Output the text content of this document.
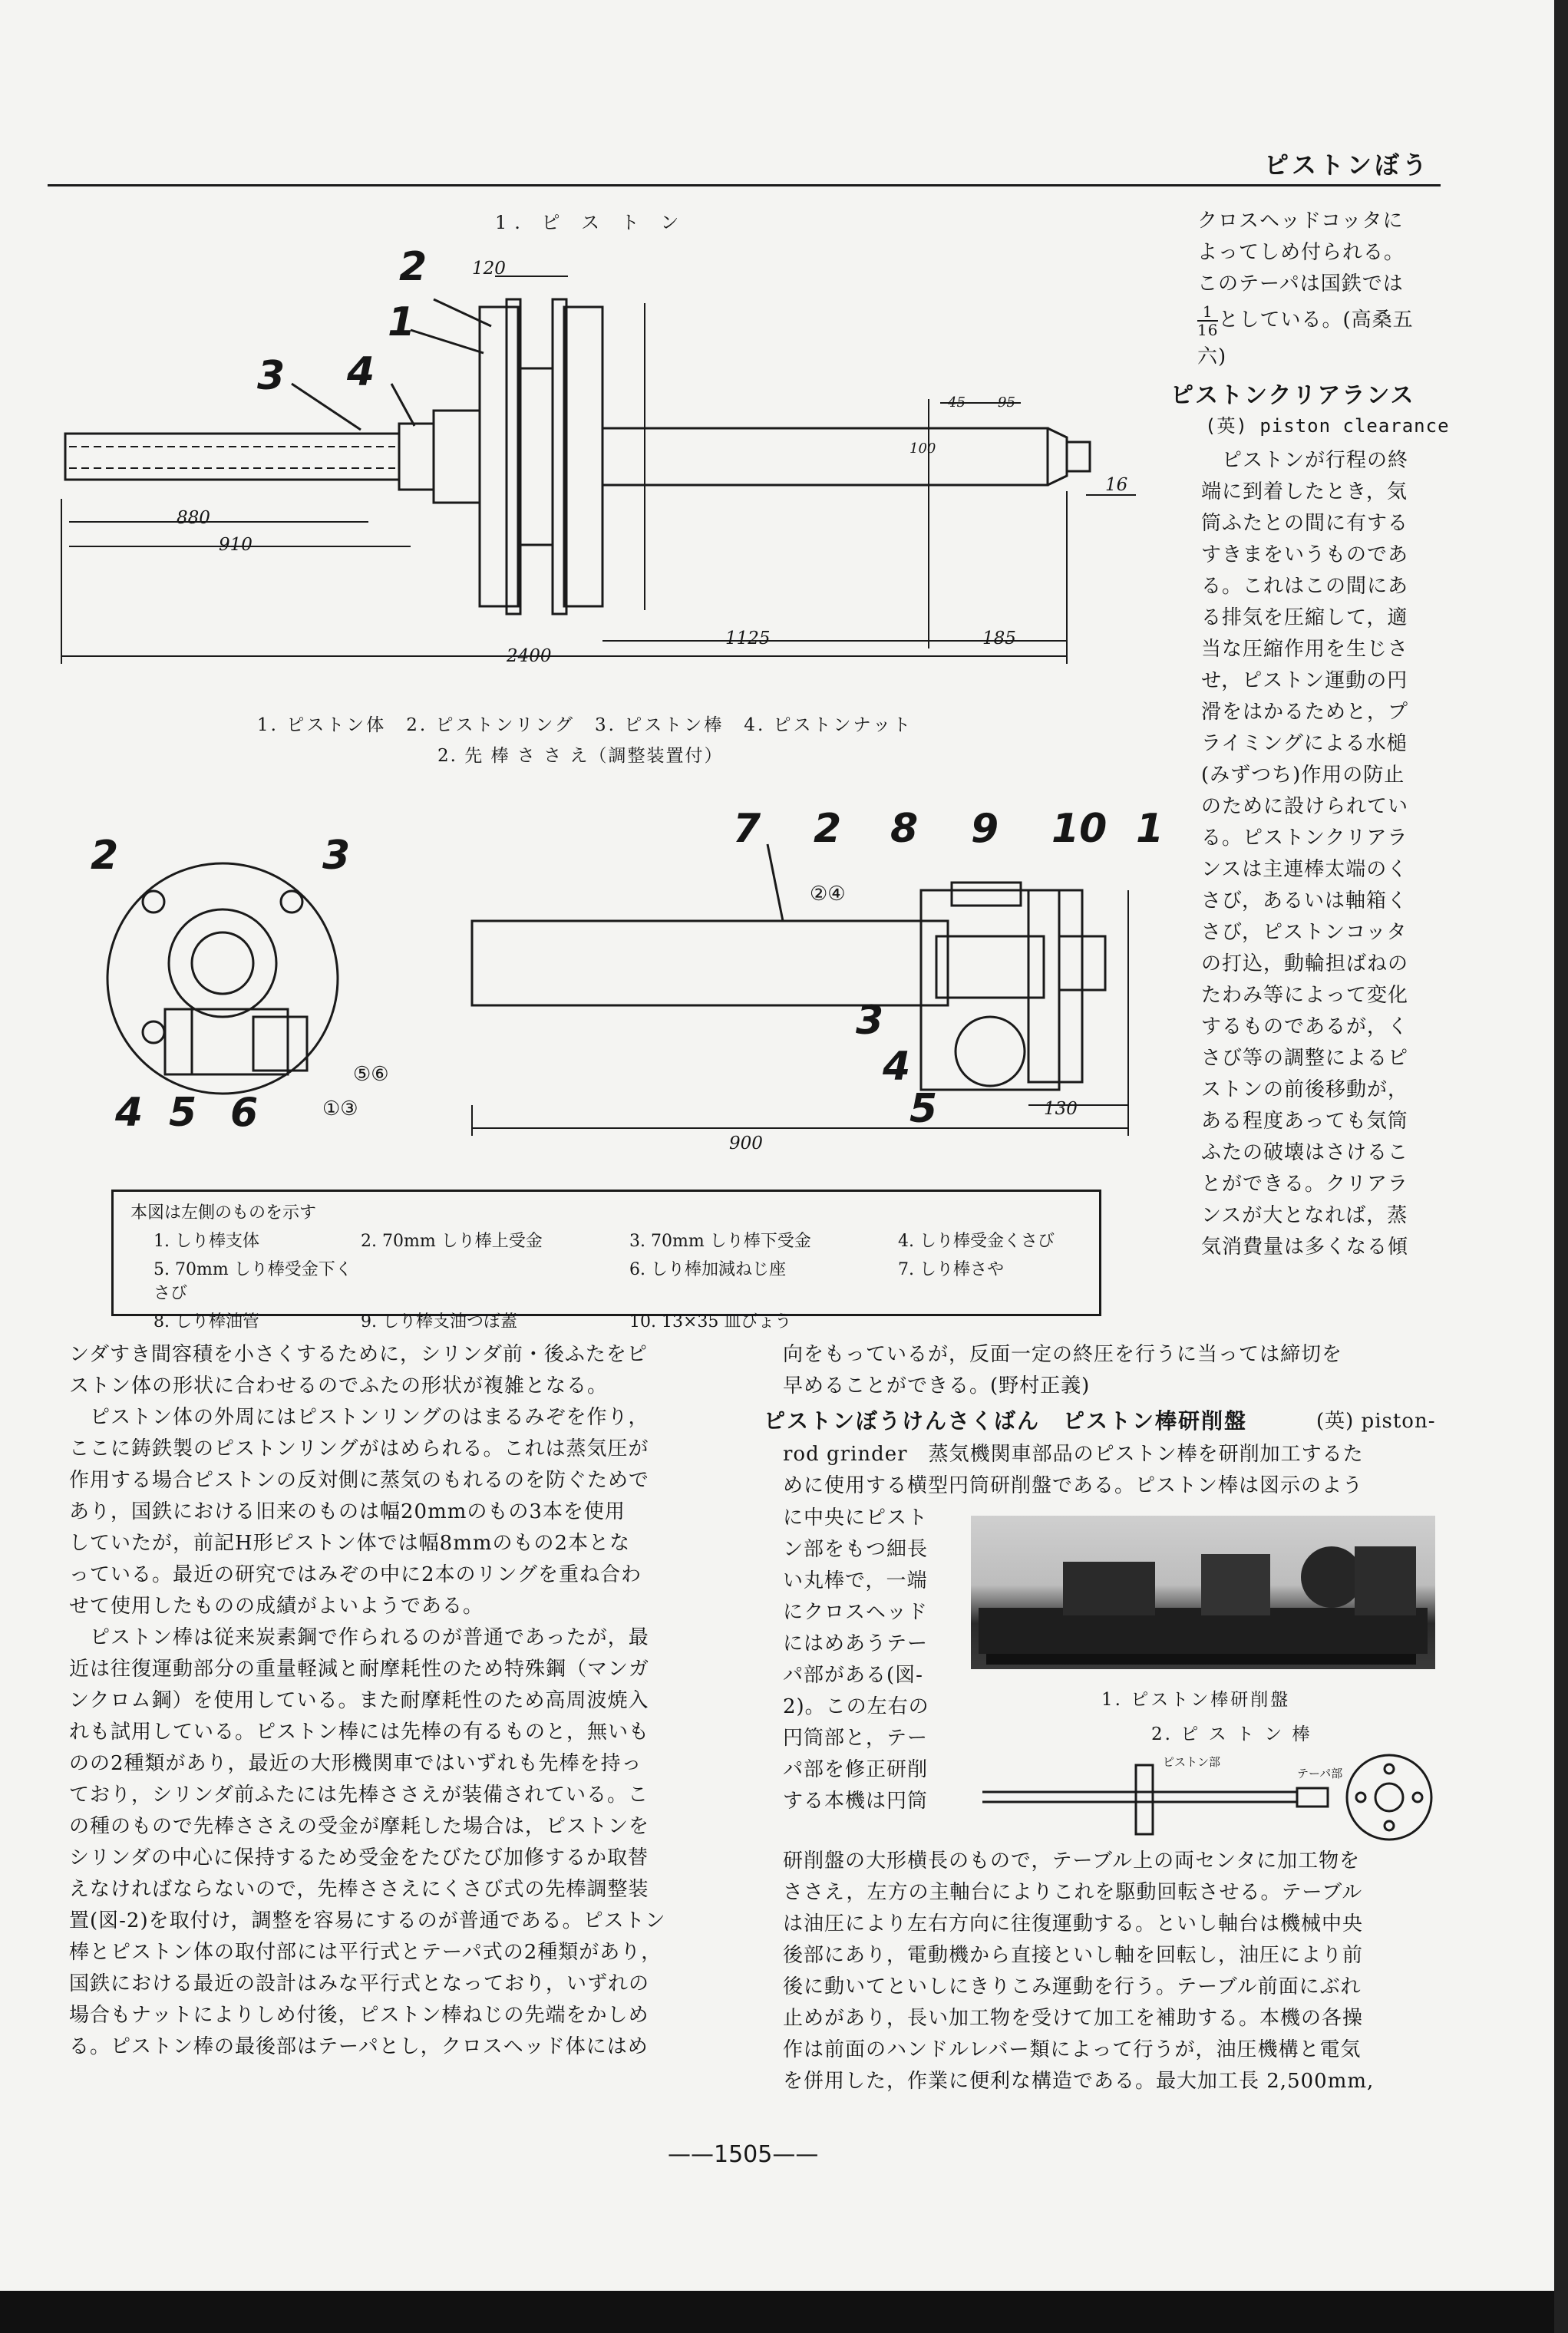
ピストンぼう
1. ピ ス ト ン
2
1
3 4
120
880
910
2400
1125	185
45 95
16
100
1. ピストン体　2. ピストンリング　3. ピストン棒　4. ピストンナット
2. 先 棒 さ さ え（調整装置付）
2	3
4 5 6
⑤⑥
①③
7 2 8 9 10 1
3
4
5
②④
900
130
本図は左側のものを示す
1. しり棒支体	2. 70mm しり棒上受金	3. 70mm しり棒下受金	4. しり棒受金くさび
5. 70mm しり棒受金下くさび
6. しり棒加減ねじ座	7. しり棒さや
8. しり棒油管	9. しり棒支油つぼ蓋	10. 13×35 皿びょう
クロスヘッドコッタに
よってしめ付られる。
このテーパは国鉄では
$\frac{1}{16}$ としている。(高桑五
六)
ピストンクリアランス
(英) piston clearance
　ピストンが行程の終
端に到着したとき，気
筒ふたとの間に有する
すきまをいうものであ
る。これはこの間にあ
る排気を圧縮して，適
当な圧縮作用を生じさ
せ，ピストン運動の円
滑をはかるためと，プ
ライミングによる水槌
(みずつち)作用の防止
のために設けられてい
る。ピストンクリアラ
ンスは主連棒太端のく
さび，あるいは軸箱く
さび，ピストンコッタ
の打込，動輪担ばねの
たわみ等によって変化
するものであるが，く
さび等の調整によるピ
ストンの前後移動が，
ある程度あっても気筒
ふたの破壊はさけるこ
とができる。クリアラ
ンスが大となれば，蒸
気消費量は多くなる傾
ンダすき間容積を小さくするために，シリンダ前・後ふたをピ
ストン体の形状に合わせるのでふたの形状が複雑となる。
　ピストン体の外周にはピストンリングのはまるみぞを作り，
ここに鋳鉄製のピストンリングがはめられる。これは蒸気圧が
作用する場合ピストンの反対側に蒸気のもれるのを防ぐためで
あり，国鉄における旧来のものは幅20mmのもの3本を使用
していたが，前記H形ピストン体では幅8mmのもの2本とな
っている。最近の研究ではみぞの中に2本のリングを重ね合わ
せて使用したものの成績がよいようである。
　ピストン棒は従来炭素鋼で作られるのが普通であったが，最
近は往復運動部分の重量軽減と耐摩耗性のため特殊鋼（マンガ
ンクロム鋼）を使用している。また耐摩耗性のため高周波焼入
れも試用している。ピストン棒には先棒の有るものと，無いも
のの2種類があり，最近の大形機関車ではいずれも先棒を持っ
ており，シリンダ前ふたには先棒ささえが装備されている。こ
の種のもので先棒ささえの受金が摩耗した場合は，ピストンを
シリンダの中心に保持するため受金をたびたび加修するか取替
えなければならないので，先棒ささえにくさび式の先棒調整装
置(図-2)を取付け，調整を容易にするのが普通である。ピストン
棒とピストン体の取付部には平行式とテーパ式の2種類があり，
国鉄における最近の設計はみな平行式となっており，いずれの
場合もナットによりしめ付後，ピストン棒ねじの先端をかしめ
る。ピストン棒の最後部はテーパとし，クロスヘッド体にはめ
向をもっているが，反面一定の終圧を行うに当っては締切を
早めることができる。(野村正義)
ピストンぼうけんさくばん　ピストン棒研削盤	(英) piston-
rod grinder　蒸気機関車部品のピストン棒を研削加工するた
めに使用する横型円筒研削盤である。ピストン棒は図示のよう
に中央にピスト
ン部をもつ細長
い丸棒で，一端
にクロスヘッド
にはめあうテー
パ部がある(図-
2)。この左右の
円筒部と，テー
パ部を修正研削
する本機は円筒
1. ピストン棒研削盤
2. ピ ス ト ン 棒
ピストン部
テーパ部
研削盤の大形横長のもので，テーブル上の両センタに加工物を
ささえ，左方の主軸台によりこれを駆動回転させる。テーブル
は油圧により左右方向に往復運動する。といし軸台は機械中央
後部にあり，電動機から直接といし軸を回転し，油圧により前
後に動いてといしにきりこみ運動を行う。テーブル前面にぶれ
止めがあり，長い加工物を受けて加工を補助する。本機の各操
作は前面のハンドルレバー類によって行うが，油圧機構と電気
を併用した，作業に便利な構造である。最大加工長 2,500mm,
——1505——
